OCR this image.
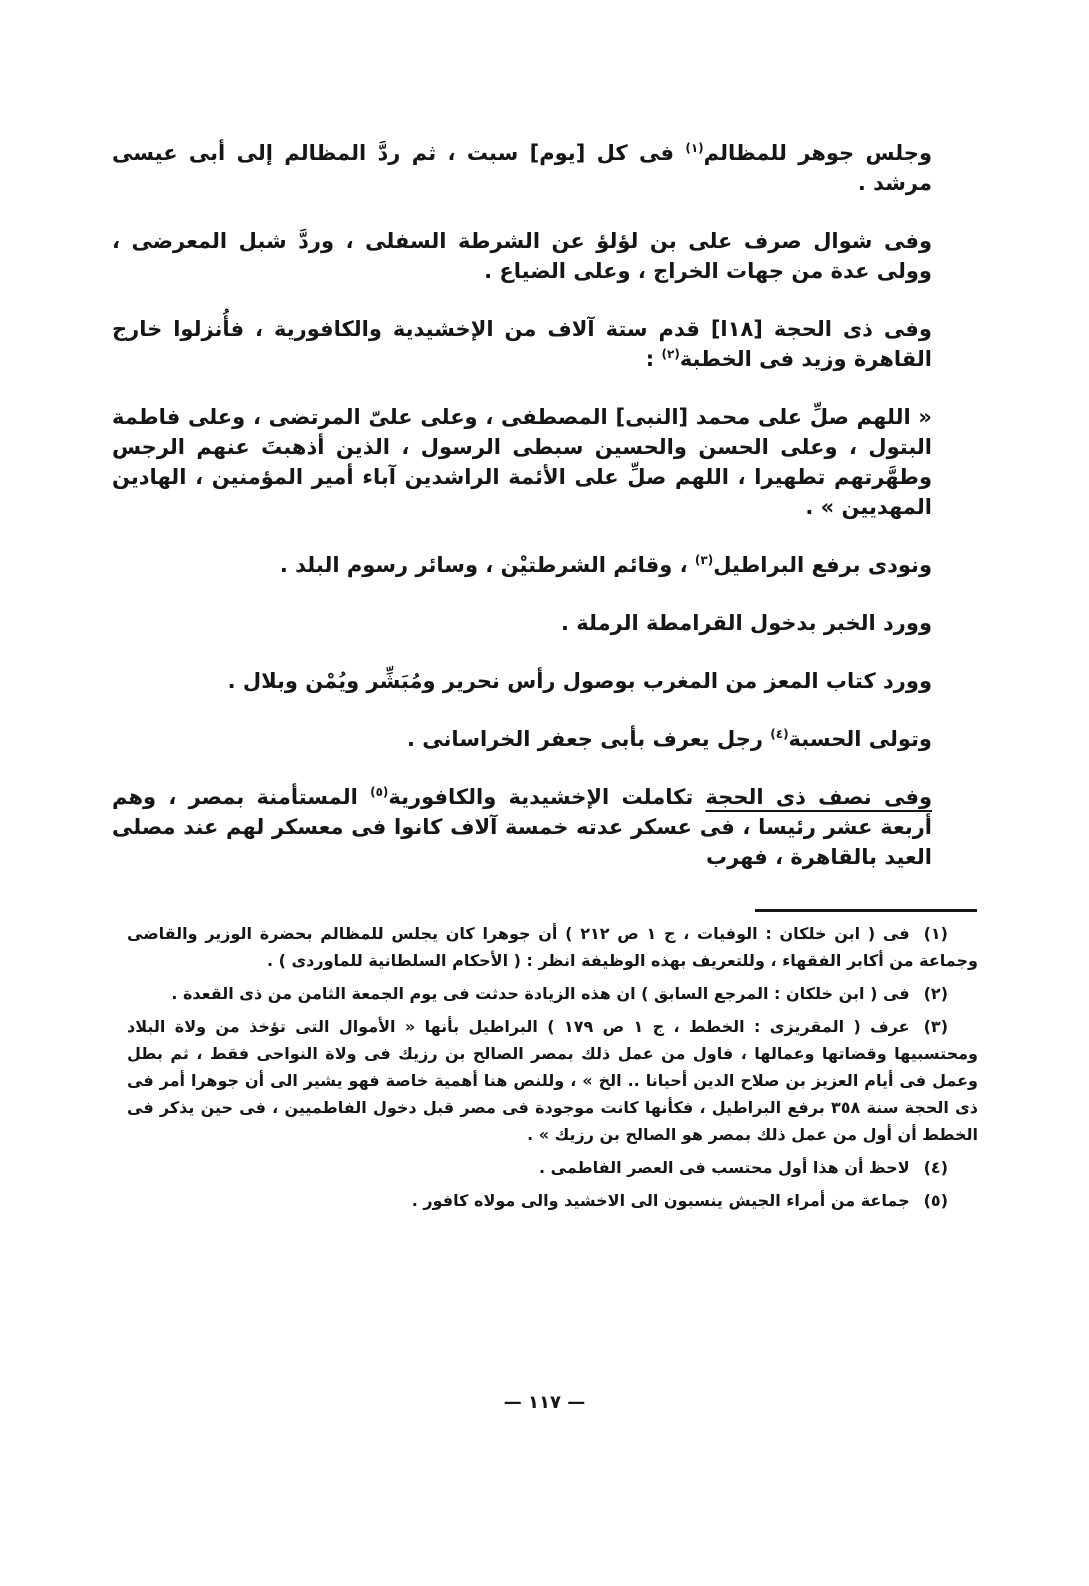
وجلس جوهر للمظالم$^{(١)}$ فى كل [يوم] سبت ، ثم ردَّ المظالم إلى أبى عيسى مرشد .

وفى شوال صرف على بن لؤلؤ عن الشرطة السفلى ، وردَّ شبل المعرضى ، وولى عدة من جهات الخراج ، وعلى الضياع .

وفى ذى الحجة [١٨ا] قدم ستة آلاف من الإخشيدية والكافورية ، فأُنزلوا خارج القاهرة وزيد فى الخطبة$^{(٢)}$ :

« اللهم صلِّ على محمد [النبى] المصطفى ، وعلى علىّ المرتضى ، وعلى فاطمة البتول ، وعلى الحسن والحسين سبطى الرسول ، الذين أذهبتَ عنهم الرجس وطهَّرتهم تطهيرا ، اللهم صلِّ على الأئمة الراشدين آباء أمير المؤمنين ، الهادين المهديين » .

ونودى برفع البراطيل$^{(٣)}$ ، وقائم الشرطتيْن ، وسائر رسوم البلد .

وورد الخبر بدخول القرامطة الرملة .

وورد كتاب المعز من المغرب بوصول رأس نحرير ومُبَشِّر ويُمْن وبلال .

وتولى الحسبة$^{(٤)}$ رجل يعرف بأبى جعفر الخراسانى .

وفى نصف ذى الحجة تكاملت الإخشيدية والكافورية$^{(٥)}$ المستأمنة بمصر ، وهم أربعة عشر رئيسا ، فى عسكر عدته خمسة آلاف كانوا فى معسكر لهم عند مصلى العيد بالقاهرة ، فهرب

(١)فى ( ابن خلكان : الوفيات ، ج ١ ص ٢١٢ ) أن جوهرا كان يجلس للمظالم بحضرة الوزير والقاضى وجماعة من أكابر الفقهاء ، وللتعريف بهذه الوظيفة انظر : ( الأحكام السلطانية للماوردى ) .

(٢)فى ( ابن خلكان : المرجع السابق ) ان هذه الزيادة حدثت فى يوم الجمعة الثامن من ذى القعدة .

(٣)عرف ( المقريزى : الخطط ، ج ١ ص ١٧٩ ) البراطيل بأنها « الأموال التى تؤخذ من ولاة البلاد ومحتسبيها وقضاتها وعمالها ، فاول من عمل ذلك بمصر الصالح بن رزيك فى ولاة النواحى فقط ، ثم بطل وعمل فى أيام العزيز بن صلاح الدين أحيانا .. الخ » ، وللنص هنا أهمية خاصة فهو يشير الى أن جوهرا أمر فى ذى الحجة سنة ٣٥٨ برفع البراطيل ، فكأنها كانت موجودة فى مصر قبل دخول الفاطميين ، فى حين يذكر فى الخطط أن أول من عمل ذلك بمصر هو الصالح بن رزيك » .

(٤)لاحظ أن هذا أول محتسب فى العصر الفاطمى .

(٥)جماعة من أمراء الجيش ينسبون الى الاخشيد والى مولاه كافور .

— ١١٧ —
